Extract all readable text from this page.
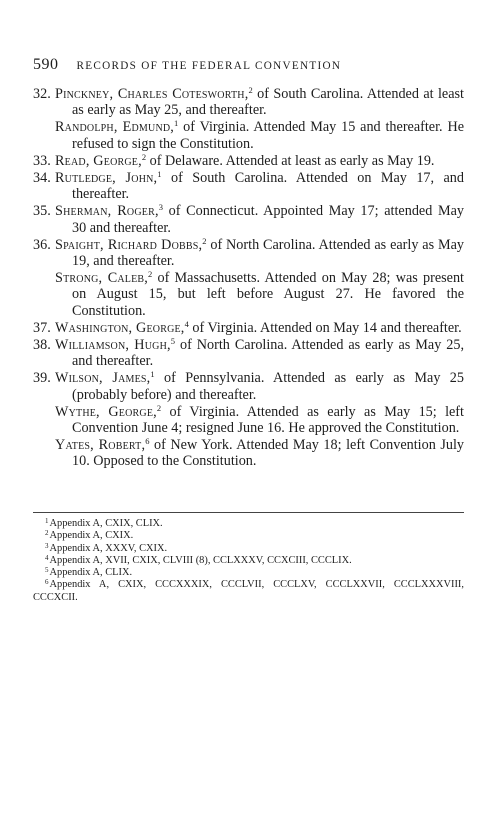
590 RECORDS OF THE FEDERAL CONVENTION

32. Pinckney, Charles Cotesworth,$^2$ of South Carolina. Attended at least as early as May 25, and thereafter.

Randolph, Edmund,$^1$ of Virginia. Attended May 15 and thereafter. He refused to sign the Constitution.

33. Read, George,$^2$ of Delaware. Attended at least as early as May 19.

34. Rutledge, John,$^1$ of South Carolina. Attended on May 17, and thereafter.

35. Sherman, Roger,$^3$ of Connecticut. Appointed May 17; attended May 30 and thereafter.

36. Spaight, Richard Dobbs,$^2$ of North Carolina. Attended as early as May 19, and thereafter.

Strong, Caleb,$^2$ of Massachusetts. Attended on May 28; was present on August 15, but left before August 27. He favored the Constitution.

37. Washington, George,$^4$ of Virginia. Attended on May 14 and thereafter.

38. Williamson, Hugh,$^5$ of North Carolina. Attended as early as May 25, and thereafter.

39. Wilson, James,$^1$ of Pennsylvania. Attended as early as May 25 (probably before) and thereafter.

Wythe, George,$^2$ of Virginia. Attended as early as May 15; left Convention June 4; resigned June 16. He approved the Constitution.

Yates, Robert,$^6$ of New York. Attended May 18; left Convention July 10. Opposed to the Constitution.

$^1$Appendix A, CXIX, CLIX.
$^2$Appendix A, CXIX.
$^3$Appendix A, XXXV, CXIX.
$^4$Appendix A, XVII, CXIX, CLVIII (8), CCLXXXV, CCXCIII, CCCLIX.
$^5$Appendix A, CLIX.
$^6$Appendix A, CXIX, CCCXXXIX, CCCLVII, CCCLXV, CCCLXXVII, CCCLXXXVIII, CCCXCII.
